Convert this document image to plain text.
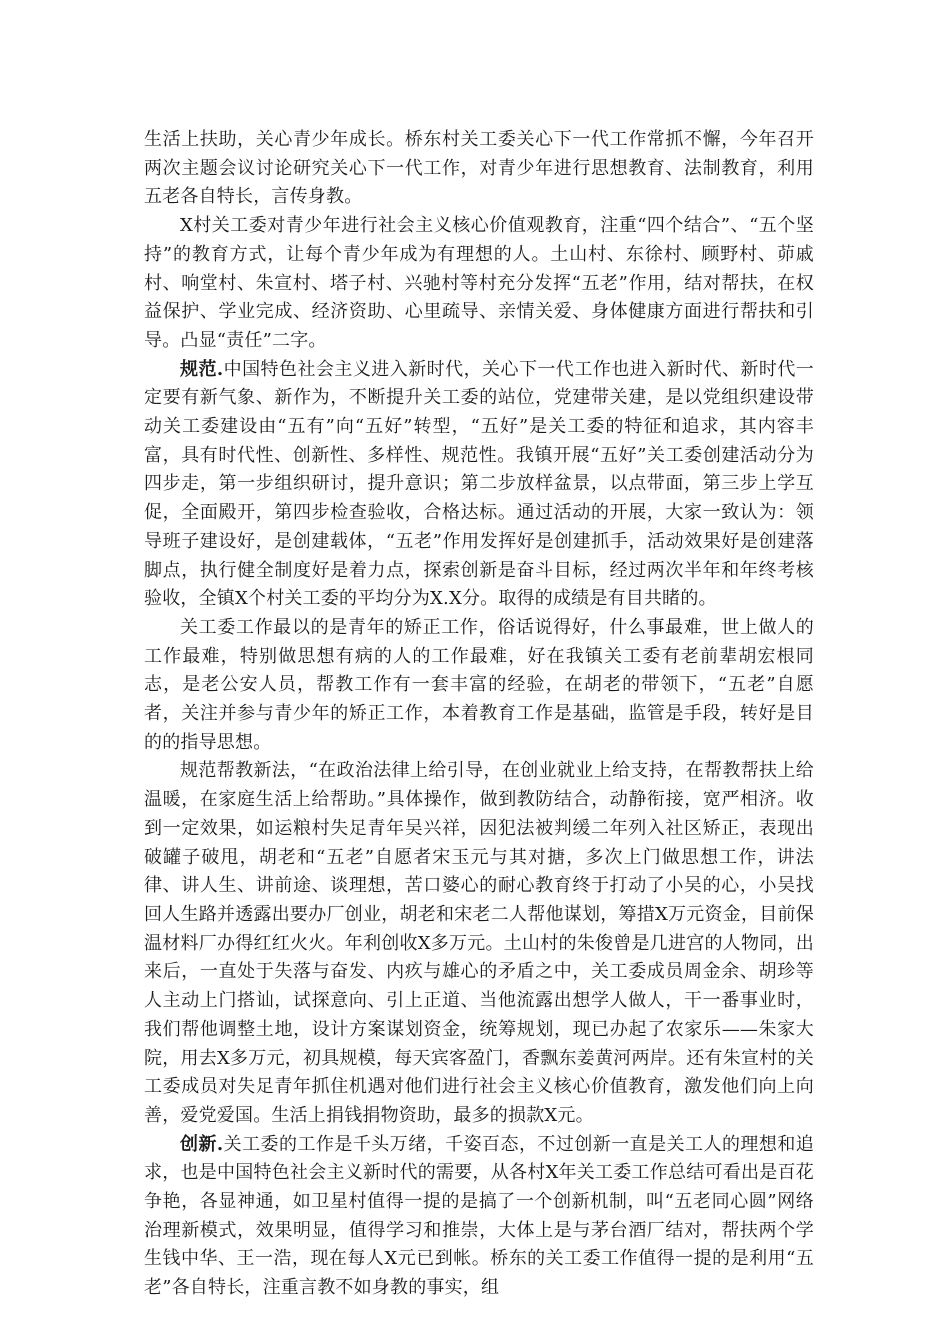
生活上扶助，关心青少年成长。桥东村关工委关心下一代工作常抓不懈，今年召开两次主题会议讨论研究关心下一代工作，对青少年进行思想教育、法制教育，利用五老各自特长，言传身教。

X村关工委对青少年进行社会主义核心价值观教育，注重“四个结合”、“五个坚持”的教育方式，让每个青少年成为有理想的人。土山村、东徐村、顾野村、茆戚村、响堂村、朱宣村、塔子村、兴驰村等村充分发挥“五老”作用，结对帮扶，在权益保护、学业完成、经济资助、心里疏导、亲情关爱、身体健康方面进行帮扶和引导。凸显“责任”二字。

规范.中国特色社会主义进入新时代，关心下一代工作也进入新时代、新时代一定要有新气象、新作为，不断提升关工委的站位，党建带关建，是以党组织建设带动关工委建设由“五有”向“五好”转型，“五好”是关工委的特征和追求，其内容丰富，具有时代性、创新性、多样性、规范性。我镇开展“五好”关工委创建活动分为四步走，第一步组织研讨，提升意识；第二步放样盆景，以点带面，第三步上学互促，全面殿开，第四步检查验收，合格达标。通过活动的开展，大家一致认为：领导班子建设好，是创建载体，“五老”作用发挥好是创建抓手，活动效果好是创建落脚点，执行健全制度好是着力点，探索创新是奋斗目标，经过两次半年和年终考核验收，全镇X个村关工委的平均分为X.X分。取得的成绩是有目共睹的。

关工委工作最以的是青年的矫正工作，俗话说得好，什么事最难，世上做人的工作最难，特别做思想有病的人的工作最难，好在我镇关工委有老前辈胡宏根同志，是老公安人员，帮教工作有一套丰富的经验，在胡老的带领下，“五老”自愿者，关注并参与青少年的矫正工作，本着教育工作是基础，监管是手段，转好是目的的指导思想。

规范帮教新法，“在政治法律上给引导，在创业就业上给支持，在帮教帮扶上给温暖，在家庭生活上给帮助。”具体操作，做到教防结合，动静衔接，宽严相济。收到一定效果，如运粮村失足青年吴兴祥，因犯法被判缓二年列入社区矫正，表现出破罐子破甩，胡老和“五老”自愿者宋玉元与其对搪，多次上门做思想工作，讲法律、讲人生、讲前途、谈理想，苦口婆心的耐心教育终于打动了小吴的心，小吴找回人生路并透露出要办厂创业，胡老和宋老二人帮他谋划，筹措X万元资金，目前保温材料厂办得红红火火。年利创收X多万元。土山村的朱俊曾是几进宫的人物同，出来后，一直处于失落与奋发、内疚与雄心的矛盾之中，关工委成员周金余、胡珍等人主动上门搭讪，试探意向、引上正道、当他流露出想学人做人，干一番事业时，我们帮他调整土地，设计方案谋划资金，统筹规划，现已办起了农家乐——朱家大院，用去X多万元，初具规模，每天宾客盈门，香飘东姜黄河两岸。还有朱宣村的关工委成员对失足青年抓住机遇对他们进行社会主义核心价值教育，激发他们向上向善，爱党爱国。生活上捐钱捐物资助，最多的损款X元。

创新.关工委的工作是千头万绪，千姿百态，不过创新一直是关工人的理想和追求，也是中国特色社会主义新时代的需要，从各村X年关工委工作总结可看出是百花争艳，各显神通，如卫星村值得一提的是搞了一个创新机制，叫“五老同心圆”网络治理新模式，效果明显，值得学习和推崇，大体上是与茅台酒厂结对，帮扶两个学生钱中华、王一浩，现在每人X元已到帐。桥东的关工委工作值得一提的是利用“五老”各自特长，注重言教不如身教的事实，组
